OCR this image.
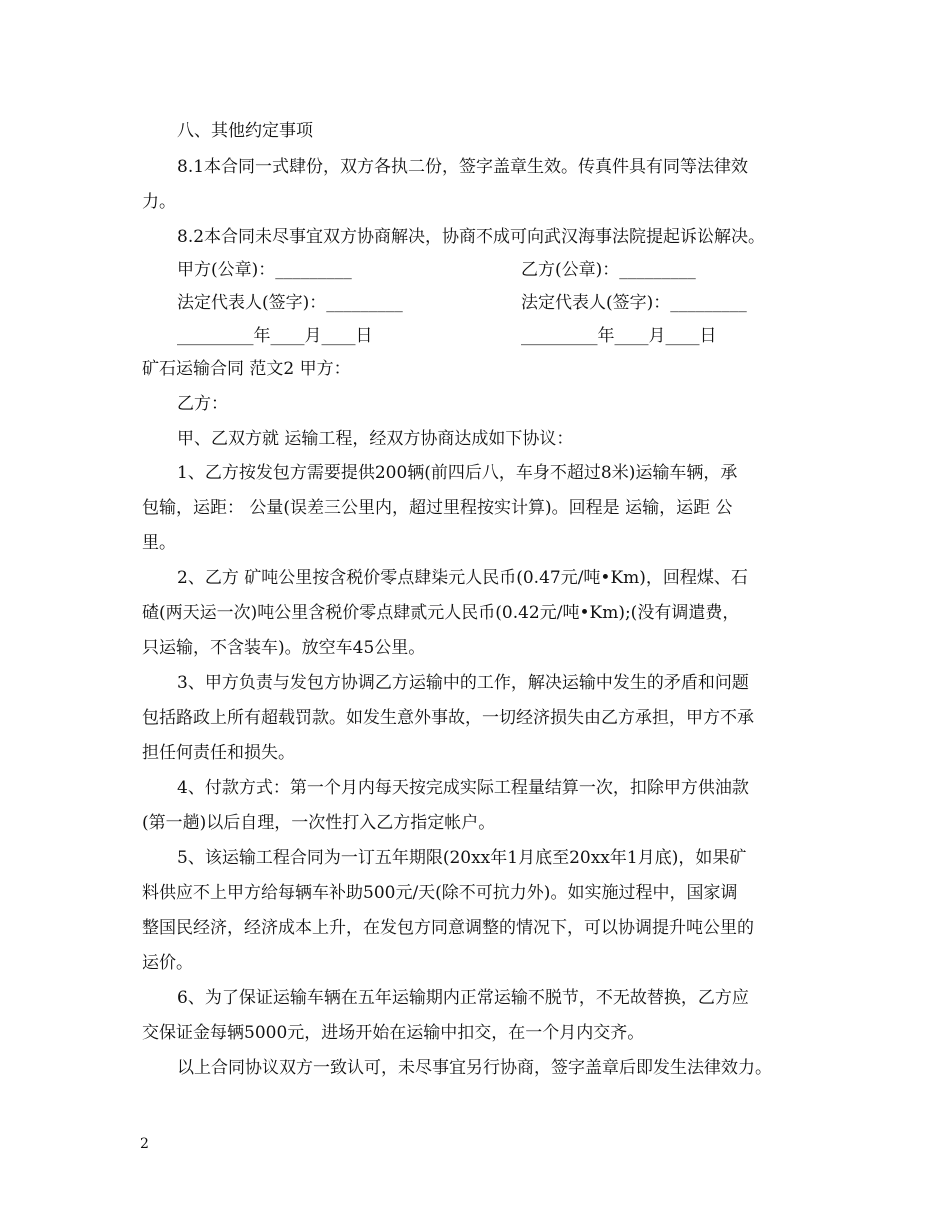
八、其他约定事项
8.1本合同一式肆份，双方各执二份，签字盖章生效。传真件具有同等法律效
力。
8.2本合同未尽事宜双方协商解决，协商不成可向武汉海事法院提起诉讼解决。
甲方(公章)：_________	乙方(公章)：_________
法定代表人(签字)：_________	法定代表人(签字)：_________
_________年____月____日	_________年____月____日
矿石运输合同 范文2 甲方：
乙方：
甲、乙双方就 运输工程，经双方协商达成如下协议：
1、乙方按发包方需要提供200辆(前四后八，车身不超过8米)运输车辆，承
包输，运距： 公量(误差三公里内，超过里程按实计算)。回程是 运输，运距 公
里。
2、乙方 矿吨公里按含税价零点肆柒元人民币(0.47元/吨•Km)，回程煤、石
碴(两天运一次)吨公里含税价零点肆贰元人民币(0.42元/吨•Km);(没有调遣费，
只运输，不含装车)。放空车45公里。
3、甲方负责与发包方协调乙方运输中的工作，解决运输中发生的矛盾和问题
包括路政上所有超载罚款。如发生意外事故，一切经济损失由乙方承担，甲方不承
担任何责任和损失。
4、付款方式：第一个月内每天按完成实际工程量结算一次，扣除甲方供油款
(第一趟)以后自理，一次性打入乙方指定帐户。
5、该运输工程合同为一订五年期限(20xx年1月底至20xx年1月底)，如果矿
料供应不上甲方给每辆车补助500元/天(除不可抗力外)。如实施过程中，国家调
整国民经济，经济成本上升，在发包方同意调整的情况下，可以协调提升吨公里的
运价。
6、为了保证运输车辆在五年运输期内正常运输不脱节，不无故替换，乙方应
交保证金每辆5000元，进场开始在运输中扣交，在一个月内交齐。
以上合同协议双方一致认可，未尽事宜另行协商，签字盖章后即发生法律效力。
2
